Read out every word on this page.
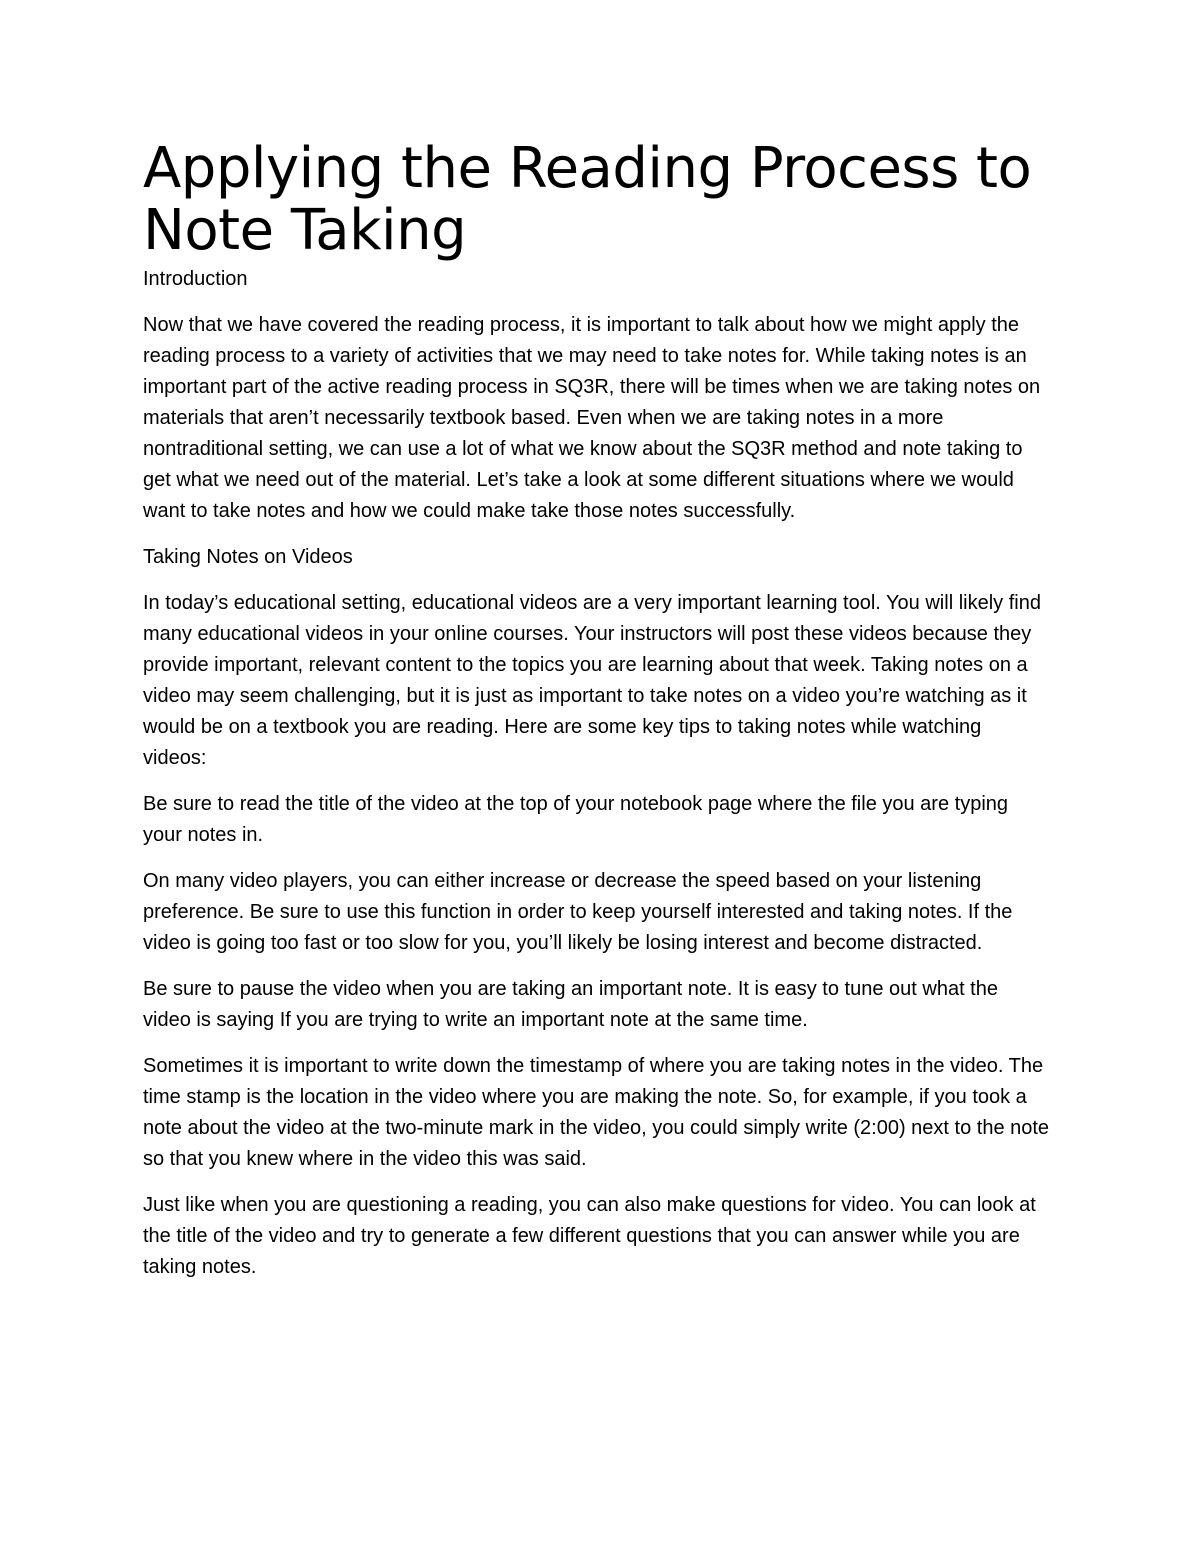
Applying the Reading Process to Note Taking

Introduction

Now that we have covered the reading process, it is important to talk about how we might apply the reading process to a variety of activities that we may need to take notes for. While taking notes is an important part of the active reading process in SQ3R, there will be times when we are taking notes on materials that aren’t necessarily textbook based. Even when we are taking notes in a more nontraditional setting, we can use a lot of what we know about the SQ3R method and note taking to get what we need out of the material. Let’s take a look at some different situations where we would want to take notes and how we could make take those notes successfully.

Taking Notes on Videos

In today’s educational setting, educational videos are a very important learning tool. You will likely find many educational videos in your online courses. Your instructors will post these videos because they provide important, relevant content to the topics you are learning about that week. Taking notes on a video may seem challenging, but it is just as important to take notes on a video you’re watching as it would be on a textbook you are reading. Here are some key tips to taking notes while watching videos:

Be sure to read the title of the video at the top of your notebook page where the file you are typing your notes in.

On many video players, you can either increase or decrease the speed based on your listening preference. Be sure to use this function in order to keep yourself interested and taking notes. If the video is going too fast or too slow for you, you’ll likely be losing interest and become distracted.

Be sure to pause the video when you are taking an important note. It is easy to tune out what the video is saying If you are trying to write an important note at the same time.

Sometimes it is important to write down the timestamp of where you are taking notes in the video. The time stamp is the location in the video where you are making the note. So, for example, if you took a note about the video at the two-minute mark in the video, you could simply write (2:00) next to the note so that you knew where in the video this was said.

Just like when you are questioning a reading, you can also make questions for video. You can look at the title of the video and try to generate a few different questions that you can answer while you are taking notes.
